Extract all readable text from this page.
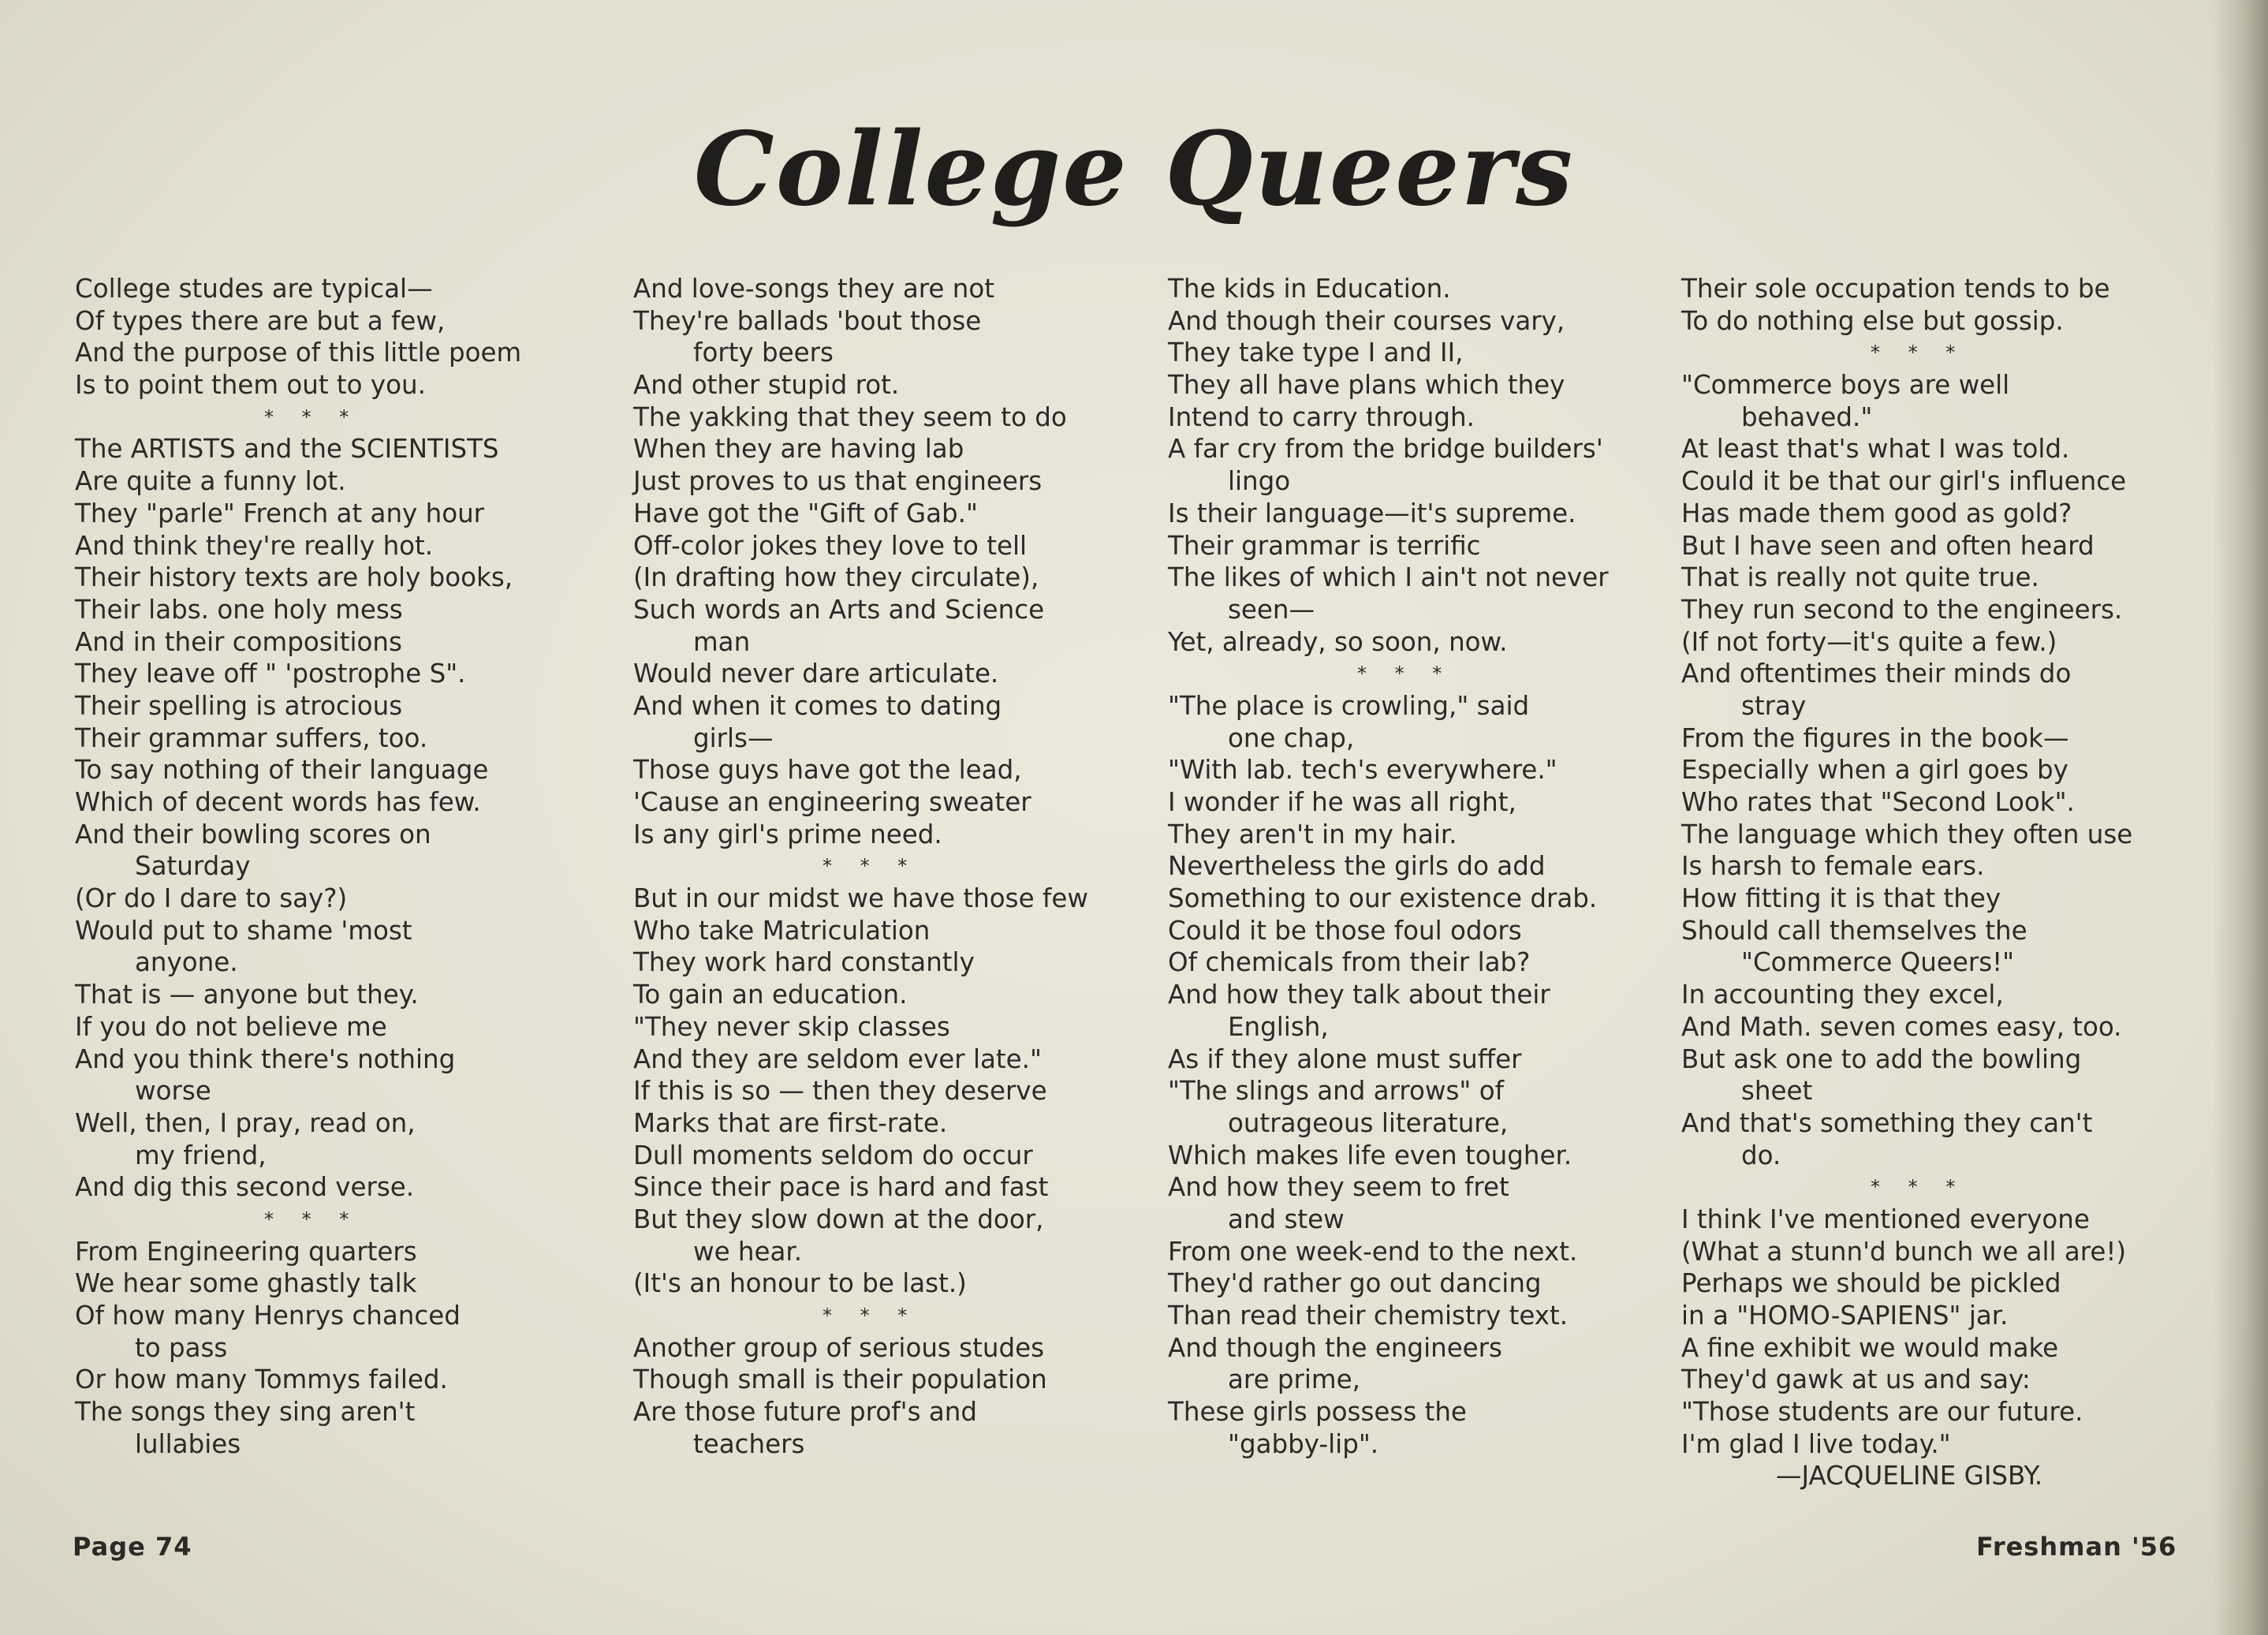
College Queers
College studes are typical—
Of types there are but a few,
And the purpose of this little poem
Is to point them out to you.
* * *
The ARTISTS and the SCIENTISTS
Are quite a funny lot.
They "parle" French at any hour
And think they're really hot.
Their history texts are holy books,
Their labs. one holy mess
And in their compositions
They leave off " 'postrophe S".
Their spelling is atrocious
Their grammar suffers, too.
To say nothing of their language
Which of decent words has few.
And their bowling scores on
Saturday
(Or do I dare to say?)
Would put to shame 'most
anyone.
That is — anyone but they.
If you do not believe me
And you think there's nothing
worse
Well, then, I pray, read on,
my friend,
And dig this second verse.
* * *
From Engineering quarters
We hear some ghastly talk
Of how many Henrys chanced
to pass
Or how many Tommys failed.
The songs they sing aren't
lullabies
And love-songs they are not
They're ballads 'bout those
forty beers
And other stupid rot.
The yakking that they seem to do
When they are having lab
Just proves to us that engineers
Have got the "Gift of Gab."
Off-color jokes they love to tell
(In drafting how they circulate),
Such words an Arts and Science
man
Would never dare articulate.
And when it comes to dating
girls—
Those guys have got the lead,
'Cause an engineering sweater
Is any girl's prime need.
* * *
But in our midst we have those few
Who take Matriculation
They work hard constantly
To gain an education.
"They never skip classes
And they are seldom ever late."
If this is so — then they deserve
Marks that are first-rate.
Dull moments seldom do occur
Since their pace is hard and fast
But they slow down at the door,
we hear.
(It's an honour to be last.)
* * *
Another group of serious studes
Though small is their population
Are those future prof's and
teachers
The kids in Education.
And though their courses vary,
They take type I and II,
They all have plans which they
Intend to carry through.
A far cry from the bridge builders'
lingo
Is their language—it's supreme.
Their grammar is terrific
The likes of which I ain't not never
seen—
Yet, already, so soon, now.
* * *
"The place is crowling," said
one chap,
"With lab. tech's everywhere."
I wonder if he was all right,
They aren't in my hair.
Nevertheless the girls do add
Something to our existence drab.
Could it be those foul odors
Of chemicals from their lab?
And how they talk about their
English,
As if they alone must suffer
"The slings and arrows" of
outrageous literature,
Which makes life even tougher.
And how they seem to fret
and stew
From one week-end to the next.
They'd rather go out dancing
Than read their chemistry text.
And though the engineers
are prime,
These girls possess the
"gabby-lip".
Their sole occupation tends to be
To do nothing else but gossip.
* * *
"Commerce boys are well
behaved."
At least that's what I was told.
Could it be that our girl's influence
Has made them good as gold?
But I have seen and often heard
That is really not quite true.
They run second to the engineers.
(If not forty—it's quite a few.)
And oftentimes their minds do
stray
From the figures in the book—
Especially when a girl goes by
Who rates that "Second Look".
The language which they often use
Is harsh to female ears.
How fitting it is that they
Should call themselves the
"Commerce Queers!"
In accounting they excel,
And Math. seven comes easy, too.
But ask one to add the bowling
sheet
And that's something they can't
do.
* * *
I think I've mentioned everyone
(What a stunn'd bunch we all are!)
Perhaps we should be pickled
in a "HOMO-SAPIENS" jar.
A fine exhibit we would make
They'd gawk at us and say:
"Those students are our future.
I'm glad I live today."
—JACQUELINE GISBY.
Page 74	Freshman '56
